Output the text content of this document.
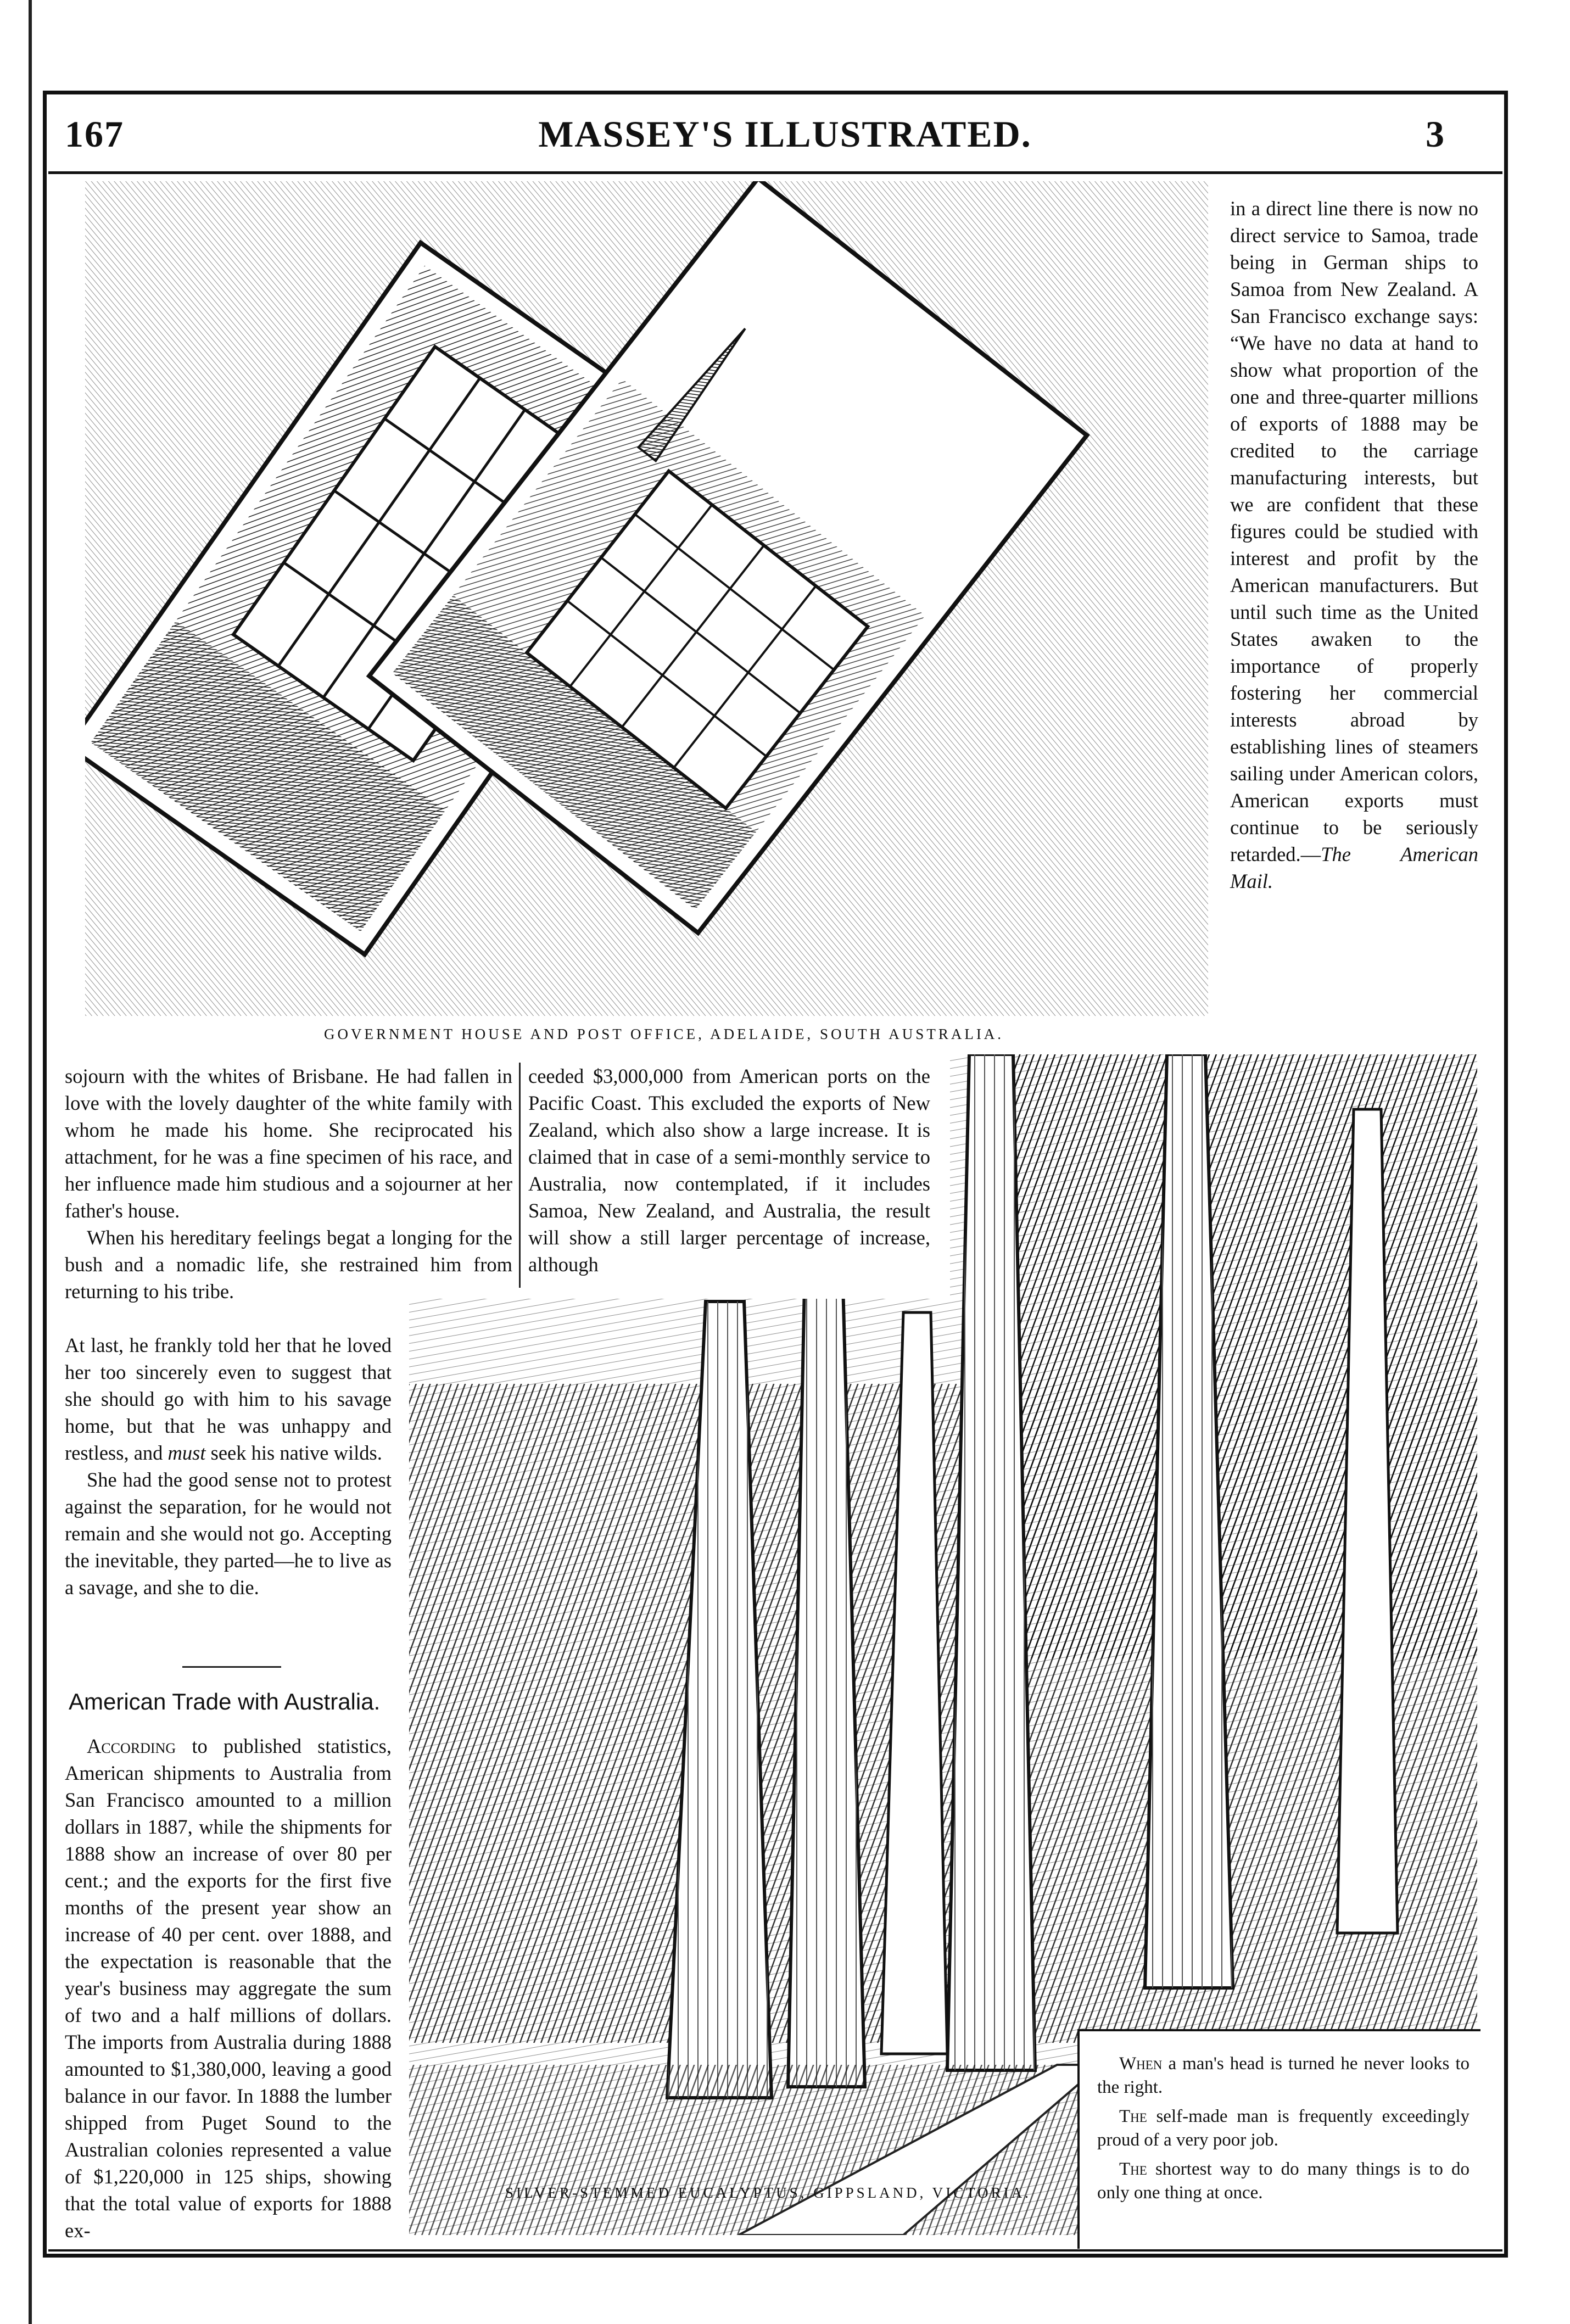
167	MASSEY'S ILLUSTRATED.	3
GOVERNMENT HOUSE AND POST OFFICE, ADELAIDE, SOUTH AUSTRALIA.

in a direct line there is now no direct service to Samoa, trade being in German ships to Samoa from New Zealand. A San Francisco exchange says: “We have no data at hand to show what proportion of the one and three-quarter millions of exports of 1888 may be credited to the carriage manufacturing interests, but we are confident that these figures could be studied with interest and profit by the American manufacturers. But until such time as the United States awaken to the importance of properly fostering her commercial interests abroad by establishing lines of steamers sailing under American colors, American exports must continue to be seriously retarded.—The American Mail.

sojourn with the whites of Brisbane. He had fallen in love with the lovely daughter of the white family with whom he made his home. She reciprocated his attachment, for he was a fine specimen of his race, and her influence made him studious and a sojourner at her father's house.

When his hereditary feelings begat a longing for the bush and a nomadic life, she restrained him from returning to his tribe.

At last, he frankly told her that he loved her too sincerely even to suggest that she should go with him to his savage home, but that he was unhappy and restless, and must seek his native wilds.

She had the good sense not to protest against the separation, for he would not remain and she would not go. Accepting the inevitable, they parted—he to live as a savage, and she to die.

American Trade with Australia.

According to published statistics, American shipments to Australia from San Francisco amounted to a million dollars in 1887, while the shipments for 1888 show an increase of over 80 per cent.; and the exports for the first five months of the present year show an increase of 40 per cent. over 1888, and the expectation is reasonable that the year's business may aggregate the sum of two and a half millions of dollars. The imports from Australia during 1888 amounted to $1,380,000, leaving a good balance in our favor. In 1888 the lumber shipped from Puget Sound to the Australian colonies represented a value of $1,220,000 in 125 ships, showing that the total value of exports for 1888 ex-

ceeded $3,000,000 from American ports on the Pacific Coast. This excluded the exports of New Zealand, which also show a large increase. It is claimed that in case of a semi-monthly service to Australia, now contemplated, if it includes Samoa, New Zealand, and Australia, the result will show a still larger percentage of increase, although

SILVER-STEMMED EUCALYPTUS, GIPPSLAND, VICTORIA.

When a man's head is turned he never looks to the right.

The self-made man is frequently exceedingly proud of a very poor job.

The shortest way to do many things is to do only one thing at once.
